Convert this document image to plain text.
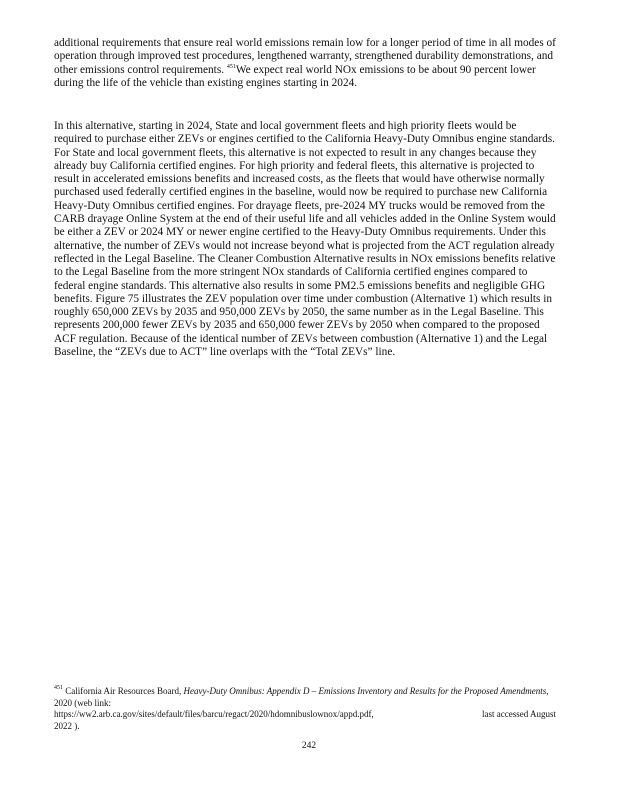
additional requirements that ensure real world emissions remain low for a longer period of time in all modes of operation through improved test procedures, lengthened warranty, strengthened durability demonstrations, and other emissions control requirements. $^{451}$We expect real world NOx emissions to be about 90 percent lower during the life of the vehicle than existing engines starting in 2024.

In this alternative, starting in 2024, State and local government fleets and high priority fleets would be required to purchase either ZEVs or engines certified to the California Heavy-Duty Omnibus engine standards. For State and local government fleets, this alternative is not expected to result in any changes because they already buy California certified engines. For high priority and federal fleets, this alternative is projected to result in accelerated emissions benefits and increased costs, as the fleets that would have otherwise normally purchased used federally certified engines in the baseline, would now be required to purchase new California Heavy-Duty Omnibus certified engines. For drayage fleets, pre-2024 MY trucks would be removed from the CARB drayage Online System at the end of their useful life and all vehicles added in the Online System would be either a ZEV or 2024 MY or newer engine certified to the Heavy-Duty Omnibus requirements. Under this alternative, the number of ZEVs would not increase beyond what is projected from the ACT regulation already reflected in the Legal Baseline. The Cleaner Combustion Alternative results in NOx emissions benefits relative to the Legal Baseline from the more stringent NOx standards of California certified engines compared to federal engine standards. This alternative also results in some PM2.5 emissions benefits and negligible GHG benefits. Figure 75 illustrates the ZEV population over time under combustion (Alternative 1) which results in roughly 650,000 ZEVs by 2035 and 950,000 ZEVs by 2050, the same number as in the Legal Baseline. This represents 200,000 fewer ZEVs by 2035 and 650,000 fewer ZEVs by 2050 when compared to the proposed ACF regulation. Because of the identical number of ZEVs between combustion (Alternative 1) and the Legal Baseline, the “ZEVs due to ACT” line overlaps with the “Total ZEVs” line.

$^{451}$ California Air Resources Board, Heavy-Duty Omnibus: Appendix D – Emissions Inventory and Results for the Proposed Amendments, 2020 (web link:
https://ww2.arb.ca.gov/sites/default/files/barcu/regact/2020/hdomnibuslownox/appd.pdf,	last accessed August
2022 ).
242
